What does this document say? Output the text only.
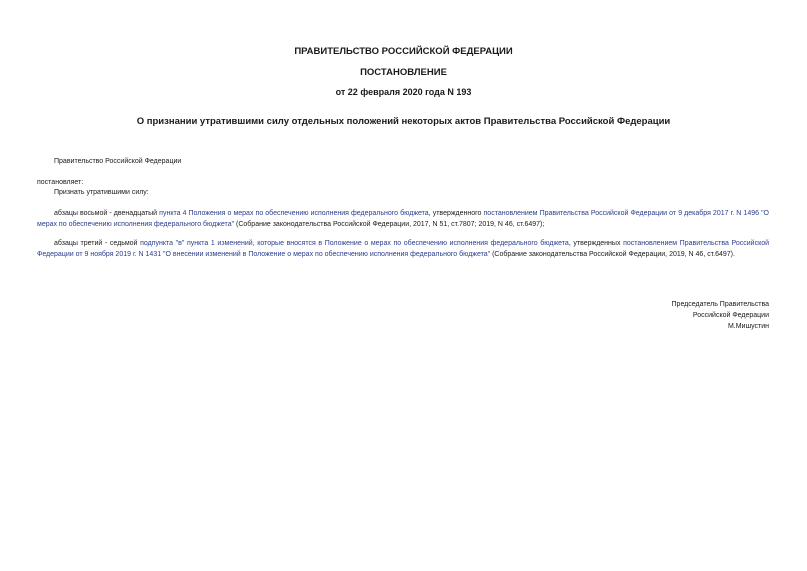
ПРАВИТЕЛЬСТВО РОССИЙСКОЙ ФЕДЕРАЦИИ
ПОСТАНОВЛЕНИЕ
от 22 февраля 2020 года N 193
О признании утратившими силу отдельных положений некоторых актов Правительства Российской Федерации
Правительство Российской Федерации
постановляет:
Признать утратившими силу:
абзацы восьмой - двенадцатый пункта 4 Положения о мерах по обеспечению исполнения федерального бюджета, утвержденного постановлением Правительства Российской Федерации от 9 декабря 2017 г. N 1496 "О мерах по обеспечению исполнения федерального бюджета" (Собрание законодательства Российской Федерации, 2017, N 51, ст.7807; 2019, N 46, ст.6497);
абзацы третий - седьмой подпункта "в" пункта 1 изменений, которые вносятся в Положение о мерах по обеспечению исполнения федерального бюджета, утвержденных постановлением Правительства Российской Федерации от 9 ноября 2019 г. N 1431 "О внесении изменений в Положение о мерах по обеспечению исполнения федерального бюджета" (Собрание законодательства Российской Федерации, 2019, N 46, ст.6497).
Председатель Правительства
Российской Федерации
М.Мишустин
